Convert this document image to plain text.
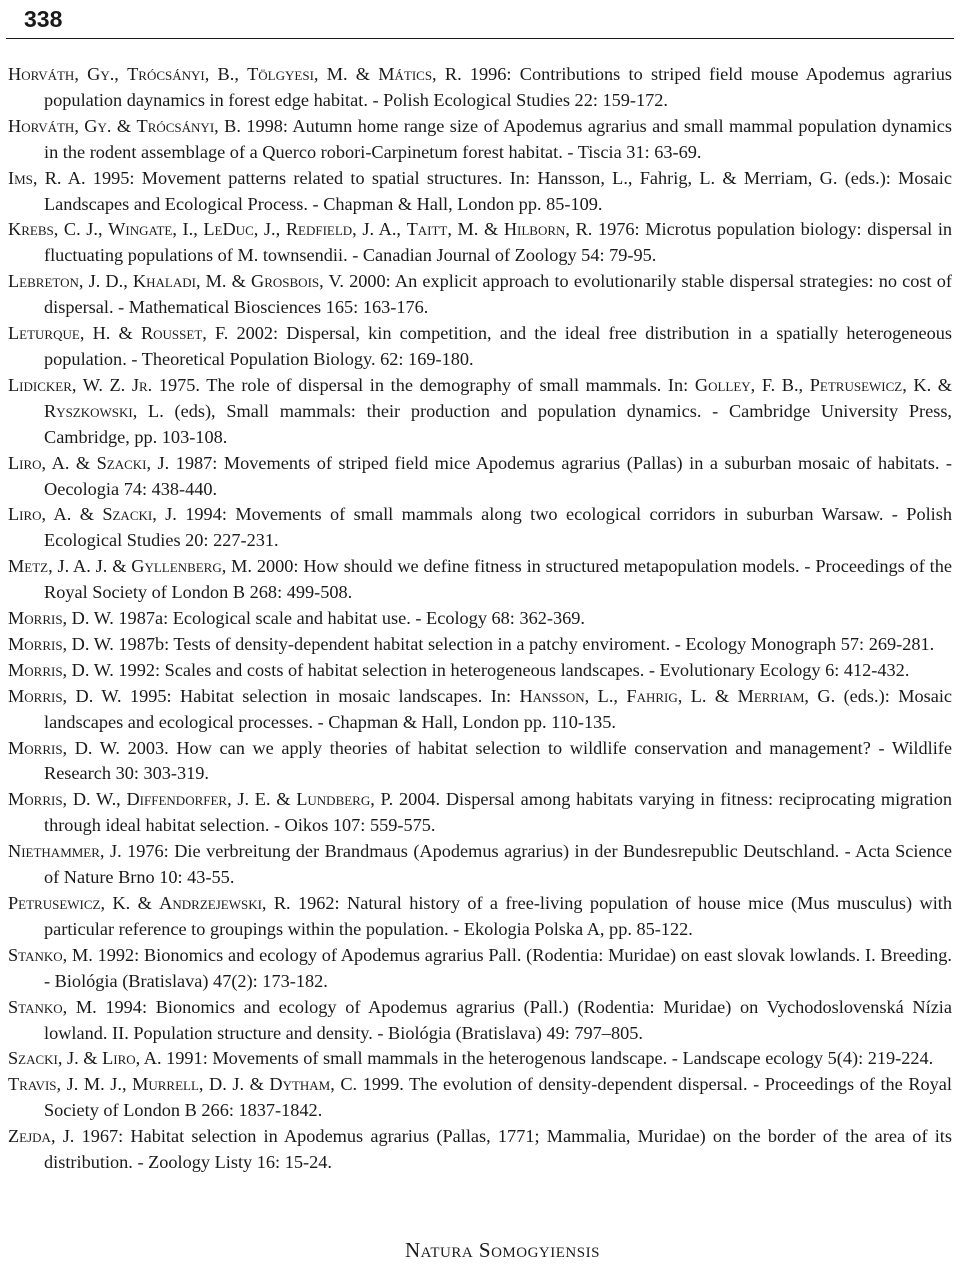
338
Natura Somogyiensis

Horváth, Gy., Trócsányi, B., Tölgyesi, M. & Mátics, R. 1996: Contributions to striped field mouse Apodemus agrarius population daynamics in forest edge habitat. - Polish Ecological Studies 22: 159-172.

Horváth, Gy. & Trócsányi, B. 1998: Autumn home range size of Apodemus agrarius and small mammal population dynamics in the rodent assemblage of a Querco robori-Carpinetum forest habitat. - Tiscia 31: 63-69.

Ims, R. A. 1995: Movement patterns related to spatial structures. In: Hansson, L., Fahrig, L. & Merriam, G. (eds.): Mosaic Landscapes and Ecological Process. - Chapman & Hall, London pp. 85-109.

Krebs, C. J., Wingate, I., LeDuc, J., Redfield, J. A., Taitt, M. & Hilborn, R. 1976: Microtus population biology: dispersal in fluctuating populations of M. townsendii. - Canadian Journal of Zoology 54: 79-95.

Lebreton, J. D., Khaladi, M. & Grosbois, V. 2000: An explicit approach to evolutionarily stable dispersal strategies: no cost of dispersal. - Mathematical Biosciences 165: 163-176.

Leturque, H. & Rousset, F. 2002: Dispersal, kin competition, and the ideal free distribution in a spatially heterogeneous population. - Theoretical Population Biology. 62: 169-180.

Lidicker, W. Z. Jr. 1975. The role of dispersal in the demography of small mammals. In: Golley, F. B., Petrusewicz, K. & Ryszkowski, L. (eds), Small mammals: their production and population dynamics. - Cambridge University Press, Cambridge, pp. 103-108.

Liro, A. & Szacki, J. 1987: Movements of striped field mice Apodemus agrarius (Pallas) in a suburban mosaic of habitats. - Oecologia 74: 438-440.

Liro, A. & Szacki, J. 1994: Movements of small mammals along two ecological corridors in suburban Warsaw. - Polish Ecological Studies 20: 227-231.

Metz, J. A. J. & Gyllenberg, M. 2000: How should we define fitness in structured metapopulation models. - Proceedings of the Royal Society of London B 268: 499-508.

Morris, D. W. 1987a: Ecological scale and habitat use. - Ecology 68: 362-369.

Morris, D. W. 1987b: Tests of density-dependent habitat selection in a patchy enviroment. - Ecology Monograph 57: 269-281.

Morris, D. W. 1992: Scales and costs of habitat selection in heterogeneous landscapes. - Evolutionary Ecology 6: 412-432.

Morris, D. W. 1995: Habitat selection in mosaic landscapes. In: Hansson, L., Fahrig, L. & Merriam, G. (eds.): Mosaic landscapes and ecological processes. - Chapman & Hall, London pp. 110-135.

Morris, D. W. 2003. How can we apply theories of habitat selection to wildlife conservation and management? - Wildlife Research 30: 303-319.

Morris, D. W., Diffendorfer, J. E. & Lundberg, P. 2004. Dispersal among habitats varying in fitness: reciprocating migration through ideal habitat selection. - Oikos 107: 559-575.

Niethammer, J. 1976: Die verbreitung der Brandmaus (Apodemus agrarius) in der Bundesrepublic Deutschland. - Acta Science of Nature Brno 10: 43-55.

Petrusewicz, K. & Andrzejewski, R. 1962: Natural history of a free-living population of house mice (Mus musculus) with particular reference to groupings within the population. - Ekologia Polska A, pp. 85-122.

Stanko, M. 1992: Bionomics and ecology of Apodemus agrarius Pall. (Rodentia: Muridae) on east slovak lowlands. I. Breeding. - Biológia (Bratislava) 47(2): 173-182.

Stanko, M. 1994: Bionomics and ecology of Apodemus agrarius (Pall.) (Rodentia: Muridae) on Vychodoslovenská Nízia lowland. II. Population structure and density. - Biológia (Bratislava) 49: 797–805.

Szacki, J. & Liro, A. 1991: Movements of small mammals in the heterogenous landscape. - Landscape ecology 5(4): 219-224.

Travis, J. M. J., Murrell, D. J. & Dytham, C. 1999. The evolution of density-dependent dispersal. - Proceedings of the Royal Society of London B 266: 1837-1842.

Zejda, J. 1967: Habitat selection in Apodemus agrarius (Pallas, 1771; Mammalia, Muridae) on the border of the area of its distribution. - Zoology Listy 16: 15-24.
